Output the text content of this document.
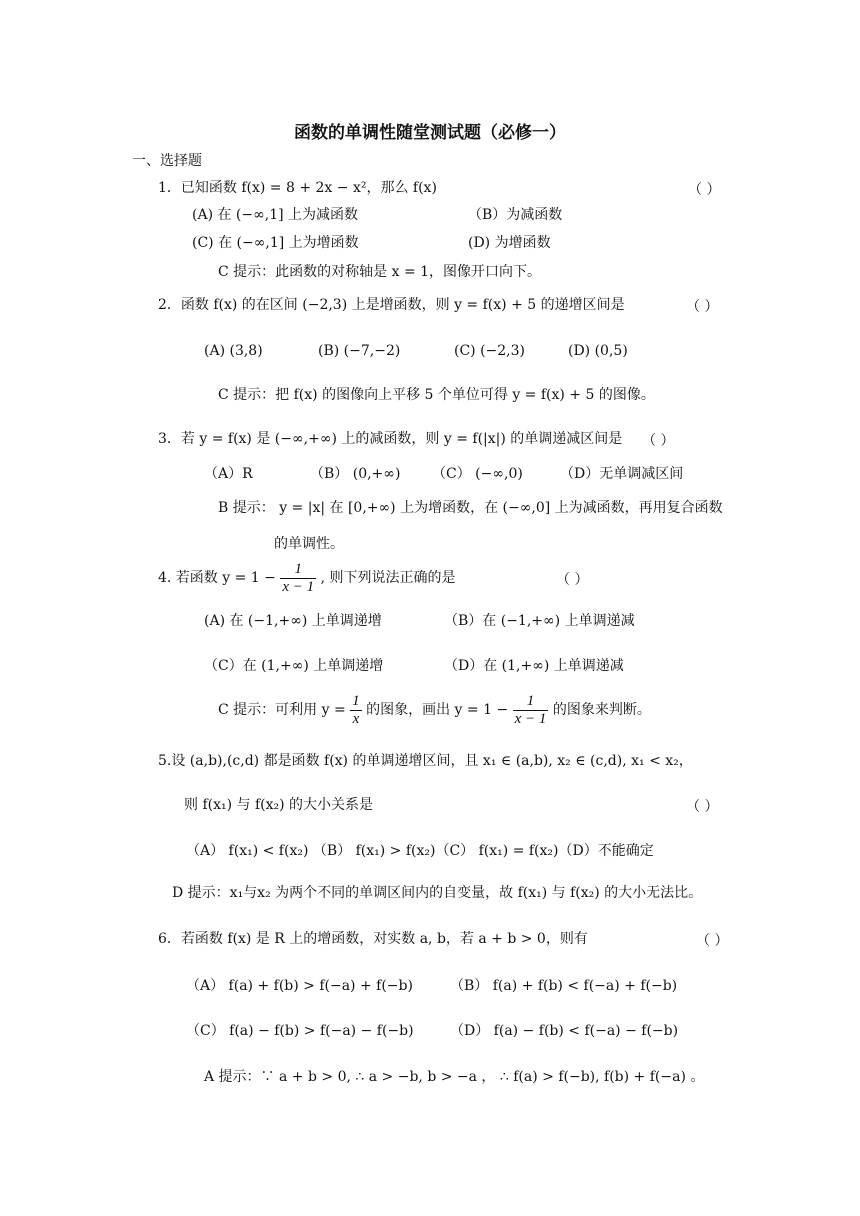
函数的单调性随堂测试题（必修一）
一、选择题
1．已知函数 f(x) = 8 + 2x − x²，那么 f(x)	（ ）
(A) 在 (−∞,1] 上为减函数	（B）为减函数
(C) 在 (−∞,1] 上为增函数	(D) 为增函数
C 提示：此函数的对称轴是 x = 1，图像开口向下。
2．函数 f(x) 的在区间 (−2,3) 上是增函数，则 y = f(x) + 5 的递增区间是	（ ）
(A) (3,8)	(B) (−7,−2)	(C) (−2,3)	(D) (0,5)
C 提示：把 f(x) 的图像向上平移 5 个单位可得 y = f(x) + 5 的图像。
3．若 y = f(x) 是 (−∞,+∞) 上的减函数，则 y = f(|x|) 的单调递减区间是 （ ）
（A）R	（B） (0,+∞) （C） (−∞,0)	（D）无单调减区间
B 提示： y = |x| 在 [0,+∞) 上为增函数，在 (−∞,0] 上为减函数，再用复合函数
的单调性。
4. 若函数 $y = 1 - \frac{1}{x - 1}$ , 则下列说法正确的是	（ ）
(A) 在 (−1,+∞) 上单调递增	（B）在 (−1,+∞) 上单调递减
（C）在 (1,+∞) 上单调递增	（D）在 (1,+∞) 上单调递减
C 提示：可利用 $y = \frac{1}{x}$ 的图象，画出 $y = 1 - \frac{1}{x - 1}$ 的图象来判断。
5.设 (a,b),(c,d) 都是函数 f(x) 的单调递增区间，且 x₁ ∈ (a,b), x₂ ∈ (c,d), x₁ < x₂，
则 f(x₁) 与 f(x₂) 的大小关系是	（ ）
（A） f(x₁) < f(x₂) （B） f(x₁) > f(x₂)（C） f(x₁) = f(x₂)（D）不能确定
D 提示：x₁与x₂ 为两个不同的单调区间内的自变量，故 f(x₁) 与 f(x₂) 的大小无法比。
6．若函数 f(x) 是 R 上的增函数，对实数 a, b，若 a + b > 0，则有	（ ）
（A） f(a) + f(b) > f(−a) + f(−b)	（B） f(a) + f(b) < f(−a) + f(−b)
（C） f(a) − f(b) > f(−a) − f(−b)	（D） f(a) − f(b) < f(−a) − f(−b)
A 提示：∵ a + b > 0, ∴ a > −b, b > −a ， ∴ f(a) > f(−b), f(b) + f(−a) 。
